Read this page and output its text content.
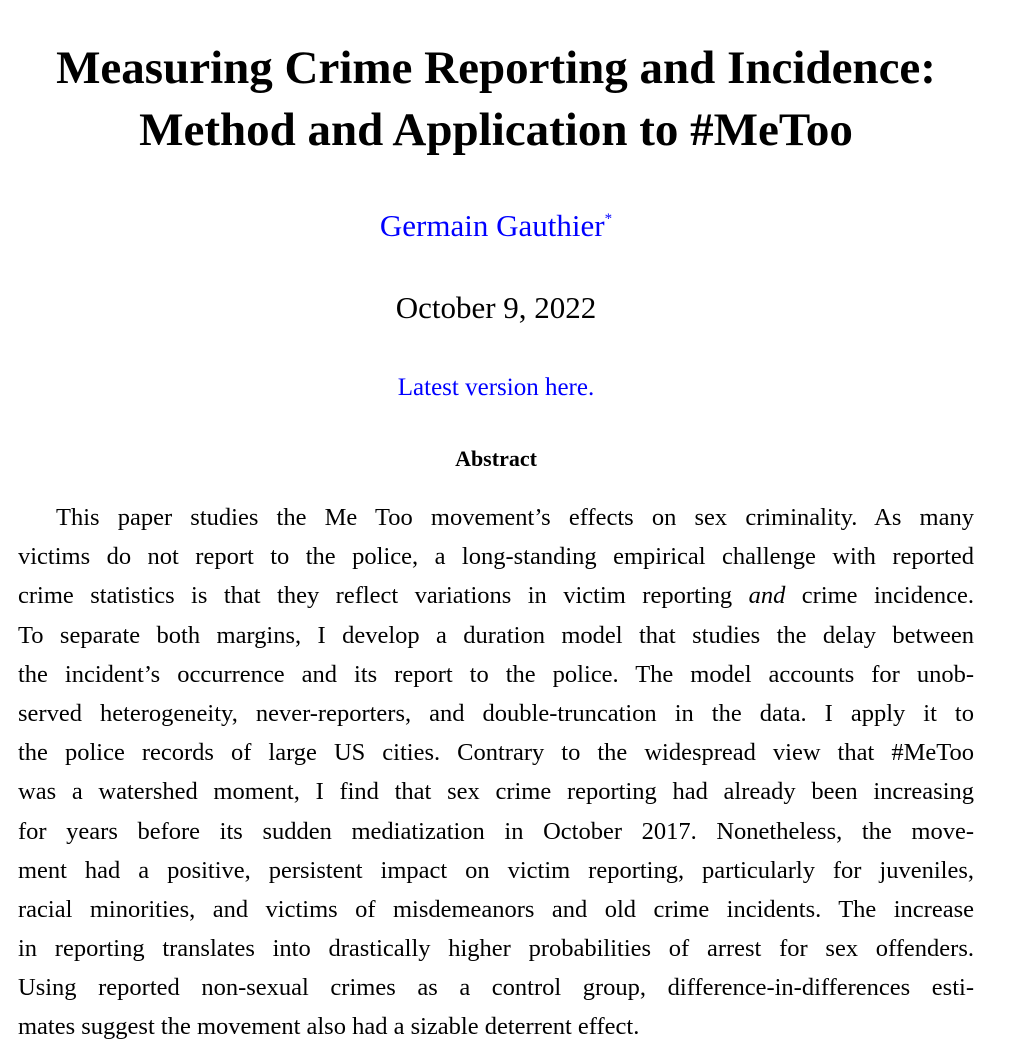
Measuring Crime Reporting and Incidence:
Method and Application to #MeToo
Germain Gauthier*
October 9, 2022
Latest version here.
Abstract
This paper studies the Me Too movement’s effects on sex criminality. As many
victims do not report to the police, a long-standing empirical challenge with reported
crime statistics is that they reflect variations in victim reporting and crime incidence.
To separate both margins, I develop a duration model that studies the delay between
the incident’s occurrence and its report to the police. The model accounts for unob-
served heterogeneity, never-reporters, and double-truncation in the data. I apply it to
the police records of large US cities. Contrary to the widespread view that #MeToo
was a watershed moment, I find that sex crime reporting had already been increasing
for years before its sudden mediatization in October 2017. Nonetheless, the move-
ment had a positive, persistent impact on victim reporting, particularly for juveniles,
racial minorities, and victims of misdemeanors and old crime incidents. The increase
in reporting translates into drastically higher probabilities of arrest for sex offenders.
Using reported non-sexual crimes as a control group, difference-in-differences esti-
mates suggest the movement also had a sizable deterrent effect.
